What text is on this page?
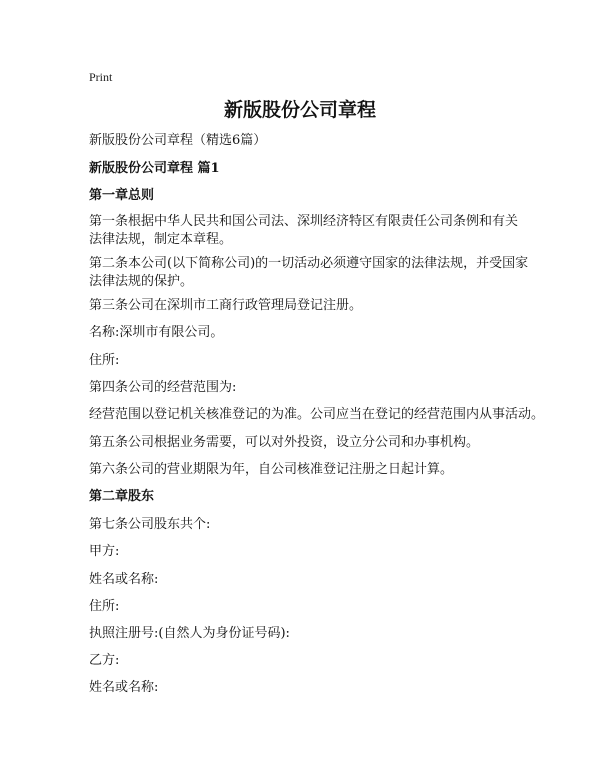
Print
新版股份公司章程
新版股份公司章程（精选6篇）
新版股份公司章程 篇1
第一章总则
第一条根据中华人民共和国公司法、深圳经济特区有限责任公司条例和有关法律法规，制定本章程。
第二条本公司(以下简称公司)的一切活动必须遵守国家的法律法规，并受国家法律法规的保护。
第三条公司在深圳市工商行政管理局登记注册。
名称:深圳市有限公司。
住所:
第四条公司的经营范围为:
经营范围以登记机关核准登记的为准。公司应当在登记的经营范围内从事活动。
第五条公司根据业务需要，可以对外投资，设立分公司和办事机构。
第六条公司的营业期限为年，自公司核准登记注册之日起计算。
第二章股东
第七条公司股东共个:
甲方:
姓名或名称:
住所:
执照注册号:(自然人为身份证号码):
乙方:
姓名或名称:
